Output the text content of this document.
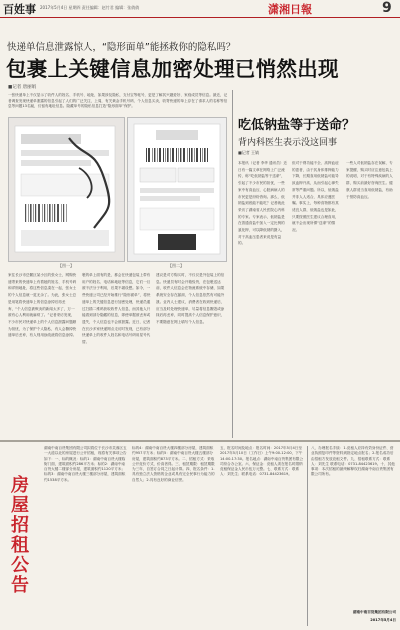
百姓事 2017年5月4日 星期四 责任编辑：赵竹君 编辑：张倩倩	潇湘日報	9
快递单信息泄露惊人，“隐形面单”能拯救你的隐私吗？
包裹上关键信息加密处理已悄然出现
■记者 唐丽娟
一张快递单上不仅显示了收件人的姓名、手机号、地址，如果涉及隐私，支付宝等帐号，更是了解其兴趣爱好、家庭成员等信息。最近，记者调查发现快递单泄露的信息引起了人们的广泛关注，上周，有关黄金手机号码、个人信息买卖，收寄快递的单上存在了请求人的名称等信息等问题13名疑，仅留有地址信息。隐藏单号的隐私信息打造“隐形面单”保护。
【图一】	【图二】
家住长沙市岳麓区某小区的张女士，网购快递寄来的快递单上有着她的姓名、手机号码和详细地址，将这些信息凑在一起，张女士的个人信息就一览无余了。为此，张女士总是用笔将快递单上的信息涂掉后再丢弃，“个人信息被贩卖的新闻太多了，万一被有心人利用就麻烦了。”记者采访发现，不少市民对快递单上的个人信息泄露问题颇为担忧，为了保护个人隐私，有人会撕掉快递单后丢弃，有人则用涂改液将信息涂掉。
裹的单上面有的是，都会在快递包装上带有用户的姓名、电话和地址等信息，它们一旦被不法分子利用，后果不堪设想。如今，一些快递公司已经开始推行“隐形面单”，将快递单上的关键信息进行加密处理，快递员通过扫描二维码获取收件人信息，而其他人只能看到部分隐藏的信息，即使单据被丢弃或遗失，个人信息也不会被泄露。近日，记者在长沙多家快递网点走访时发现，已有部分快递单上的收件人姓名和电话号码用星号代替。
建议是对方购买时，不仅仅是外包装上的信息。快递员有时会开箱验货，在包裹送达前，收件人信息会在物流系统中存储，如果系统安全存在漏洞，个人信息依然有可能外泄。业内人士建议，消费者在收到快递后，应当及时处理快递单，尽量将信息撕毁或涂抹后再丢弃，同时提高个人信息保护意识，不要随意在网上填写个人信息。
吃低钠盐等于送命？
背内科医生表示没这回事
■记者 王婧
本报讯（记者 李华 通讯员）近日有一篇文章在网络上广泛流传，称“吃低钠盐等于送命”，引起了不少市民的担忧，一些家中有高血压、心脏病病人的市民更是纷纷咨询。那么，低钠盐到底能不能吃？记者就此采访了湖南省人民医院心内科的专家。专家表示，低钠盐是在普通食盐中加入一定比例的氯化钾，可以降低钠的摄入，对于高血压患者来说是有益的。
但对于肾功能不全、高钾血症的患者，由于其身体排钾能力下降，长期食用低钠盐可能导致血钾升高，从而引起心律失常等严重问题。所以，低钠盐并非人人适合，具体应遵医嘱。事实上，每种食物都有其适宜人群，低钠盐也是如此，只要按照医生建议合理食用，就不会出现所谓“送命”的情况。
一些人对低钠盐存在误解，专家提醒，购买时应注意包装上的说明，对于有特殊疾病的人群，购买前最好咨询医生。健康人群适当食用低钠盐，有助于预防高血压。
房屋招租公告
湖南中南百货集团有限公司拟将位于长沙市芙蓉区五一大道以北的房屋进行公开招租，现将有关事项公告如下：一、标的概况：标的1：湖南中南百货大楼临街门面，建筑面积约286平方米；标的2：湖南中南百货大楼二楼部分房屋，建筑面积约1120平方米；标的3：湖南中南百货大楼三楼部分房屋，建筑面积约1538平方米。
标的4：湖南中南百货大楼四楼部分房屋，建筑面积约957平方米；标的5：湖南中南百货大楼五楼部分房屋，建筑面积约873平方米。二、招租方式：采取公开竞价方式，价高者得。三、租赁期限：租赁期限为三年，自签订合同之日起计算。四、报名条件：1.具有独立法人资格的企业或具有完全民事行为能力的自然人；2.具有良好的商业信誉。
五、报名时间及地点：报名时间：2017年5月4日至2017年5月10日（工作日）上午9:00-12:00，下午14:00-17:30。报名地点：湖南中南百货集团有限公司综合办公室。六、保证金：竞租人须在报名时缴纳竞租保证金人民币伍万元整。七、联系方式：联系人：刘先生；联系电话：0731-84423619。
八、办理报名手续：1.竞租人应持有效身份证件、营业执照复印件等资料到指定地点报名；2.报名成功后由招租方发放竞租文件。九、招租联系方式：联系人：刘先生 联系电话：0731-84423619。十、其他事项：本次招租的最终解释权归湖南中南百货集团有限公司所有。
湖南中南百货集团有限公司
2017年5月4日
